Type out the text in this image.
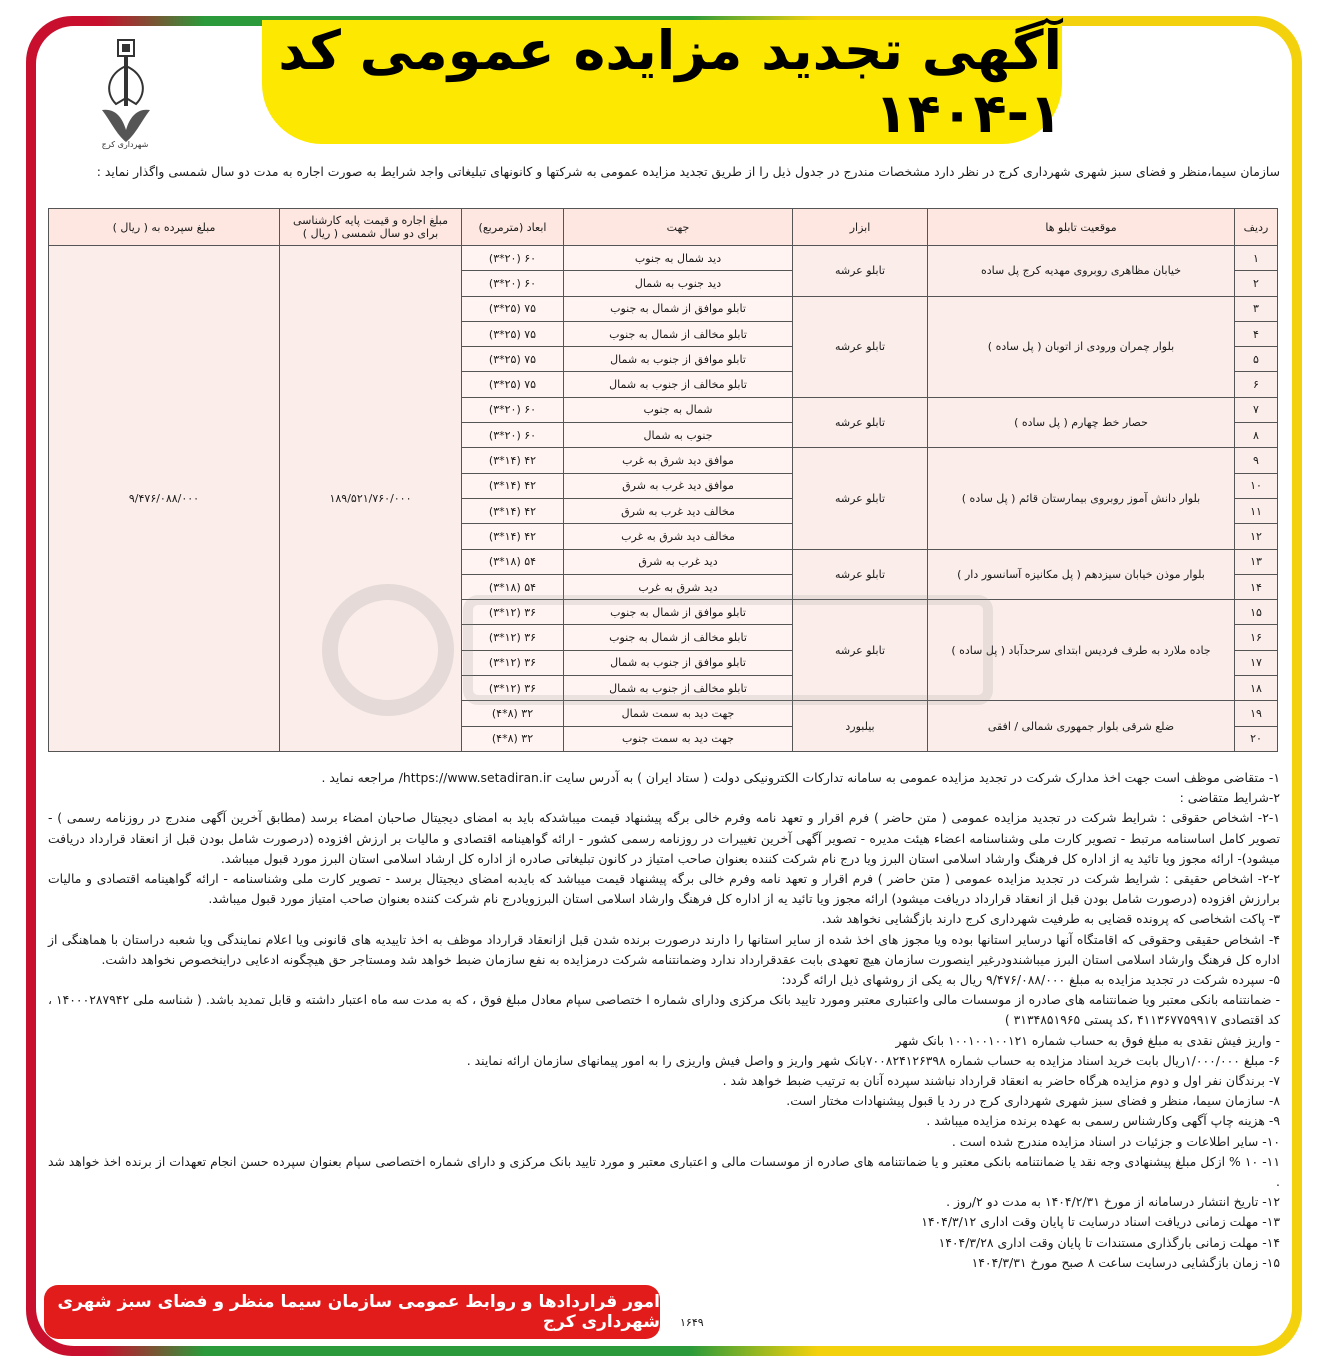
آگهی تجدید مزایده عمومی کد ۱-۱۴۰۴
شهرداری کرج

سازمان سیما،منظر و فضای سبز شهری شهرداری کرج در نظر دارد مشخصات مندرج در جدول ذیل را از طریق تجدید مزایده عمومی به شرکتها و کانونهای تبلیغاتی واجد شرایط به صورت اجاره به مدت دو سال شمسی واگذار نماید :

ردیف	موقعیت تابلو ها	ابزار	جهت	ابعاد (مترمربع)	مبلغ اجاره و قیمت پایه کارشناسی برای دو سال شمسی ( ریال )	مبلغ سپرده به ( ریال )
۱	خیابان مظاهری روبروی مهدیه کرج پل ساده	تابلو عرشه	دید شمال به جنوب	۶۰ (۲۰*۳)	۱۸۹/۵۲۱/۷۶۰/۰۰۰	۹/۴۷۶/۰۸۸/۰۰۰
۲			دید جنوب به شمال	۶۰ (۲۰*۳)		
۳	بلوار چمران ورودی از اتوبان ( پل ساده )	تابلو عرشه	تابلو موافق از شمال به جنوب	۷۵ (۲۵*۳)		
۴			تابلو مخالف از شمال به جنوب	۷۵ (۲۵*۳)		
۵			تابلو موافق از جنوب به شمال	۷۵ (۲۵*۳)		
۶			تابلو مخالف از جنوب به شمال	۷۵ (۲۵*۳)		
۷	حصار خط چهارم ( پل ساده )	تابلو عرشه	شمال به جنوب	۶۰ (۲۰*۳)		
۸			جنوب به شمال	۶۰ (۲۰*۳)		
۹	بلوار دانش آموز روبروی بیمارستان قائم ( پل ساده )	تابلو عرشه	موافق دید شرق به غرب	۴۲ (۱۴*۳)		
۱۰			موافق دید غرب به شرق	۴۲ (۱۴*۳)		
۱۱			مخالف دید غرب به شرق	۴۲ (۱۴*۳)		
۱۲			مخالف دید شرق به غرب	۴۲ (۱۴*۳)		
۱۳	بلوار موذن خیابان سیزدهم ( پل مکانیزه آسانسور دار )	تابلو عرشه	دید غرب به شرق	۵۴ (۱۸*۳)		
۱۴			دید شرق به غرب	۵۴ (۱۸*۳)		
۱۵	جاده ملارد به طرف فردیس ابتدای سرحدآباد ( پل ساده )	تابلو عرشه	تابلو موافق از شمال به جنوب	۳۶ (۱۲*۳)		
۱۶			تابلو مخالف از شمال به جنوب	۳۶ (۱۲*۳)		
۱۷			تابلو موافق از جنوب به شمال	۳۶ (۱۲*۳)		
۱۸			تابلو مخالف از جنوب به شمال	۳۶ (۱۲*۳)		
۱۹	ضلع شرقی بلوار جمهوری شمالی / افقی	بیلبورد	جهت دید به سمت شمال	۳۲ (۸*۴)		
۲۰			جهت دید به سمت جنوب	۳۲ (۸*۴)		

۱- متقاضی موظف است جهت اخذ مدارک شرکت در تجدید مزایده عمومی به سامانه تدارکات الکترونیکی دولت ( ستاد ایران ) به آدرس سایت https://www.setadiran.ir/ مراجعه نماید .

۲-شرایط متقاضی :

۲-۱- اشخاص حقوقی : شرایط شرکت در تجدید مزایده عمومی ( متن حاضر ) فرم اقرار و تعهد نامه وفرم خالی برگه پیشنهاد قیمت میباشدکه باید به امضای دیجیتال صاحبان امضاء برسد (مطابق آخرین آگهی مندرج در روزنامه رسمی ) - تصویر کامل اساسنامه مرتبط - تصویر کارت ملی وشناسنامه اعضاء هیئت مدیره - تصویر آگهی آخرین تغییرات در روزنامه رسمی کشور - ارائه گواهینامه اقتصادی و مالیات بر ارزش افزوده (درصورت شامل بودن قبل از انعقاد قرارداد دریافت میشود)- ارائه مجوز ویا تائید یه از اداره کل فرهنگ وارشاد اسلامی استان البرز ویا درج نام شرکت کننده بعنوان صاحب امتیاز در کانون تبلیغاتی صادره از اداره کل ارشاد اسلامی استان البرز مورد قبول میباشد.

۲-۲- اشخاص حقیقی : شرایط شرکت در تجدید مزایده عمومی ( متن حاضر ) فرم اقرار و تعهد نامه وفرم خالی برگه پیشنهاد قیمت میباشد که بایدبه امضای دیجیتال برسد - تصویر کارت ملی وشناسنامه - ارائه گواهینامه اقتصادی و مالیات برارزش افزوده (درصورت شامل بودن قبل از انعقاد قرارداد دریافت میشود) ارائه مجوز ویا تائید یه از اداره کل فرهنگ وارشاد اسلامی استان البرزویادرج نام شرکت کننده بعنوان صاحب امتیاز مورد قبول میباشد.

۳- پاکت اشخاصی که پرونده قضایی به طرفیت شهرداری کرج دارند بازگشایی نخواهد شد.

۴- اشخاص حقیقی وحقوقی که اقامتگاه آنها درسایر استانها بوده ویا مجوز های اخذ شده از سایر استانها را دارند درصورت برنده شدن قبل ازانعقاد قرارداد موظف به اخذ تاییدیه های قانونی ویا اعلام نمایندگی ویا شعبه دراستان با هماهنگی از اداره کل فرهنگ وارشاد اسلامی استان البرز میباشندودرغیر اینصورت سازمان هیچ تعهدی بابت عقدقرارداد ندارد وضمانتنامه شرکت درمزایده به نفع سازمان ضبط خواهد شد ومستاجر حق هیچگونه ادعایی دراینخصوص نخواهد داشت.

۵- سپرده شرکت در تجدید مزایده به مبلغ ۹/۴۷۶/۰۸۸/۰۰۰ ریال به یکی از روشهای ذیل ارائه گردد:

- ضمانتنامه بانکی معتبر ویا ضمانتنامه های صادره از موسسات مالی واعتباری معتبر ومورد تایید بانک مرکزی ودارای شماره ا ختصاصی سپام معادل مبلغ فوق ، که به مدت سه ماه اعتبار داشته و قابل تمدید باشد. ( شناسه ملی ۱۴۰۰۰۲۸۷۹۴۲ ، کد اقتصادی ۴۱۱۳۶۷۷۵۹۹۱۷ ،کد پستی ۳۱۳۴۸۵۱۹۶۵ )

- واریز فیش نقدی به مبلغ فوق به حساب شماره ۱۰۰۱۰۰۱۰۰۱۲۱ بانک شهر

۶- مبلغ ۱/۰۰۰/۰۰۰ریال بابت خرید اسناد مزایده به حساب شماره ۷۰۰۸۲۴۱۲۶۳۹۸بانک شهر واریز و واصل فیش واریزی را به امور پیمانهای سازمان ارائه نمایند .

۷- برندگان نفر اول و دوم مزایده هرگاه حاضر به انعقاد قرارداد نباشند سپرده آنان به ترتیب ضبط خواهد شد .

۸- سازمان سیما، منظر و فضای سبز شهری شهرداری کرج در رد یا قبول پیشنهادات مختار است.

۹- هزینه چاپ آگهی وکارشناس رسمی به عهده برنده مزایده میباشد .

۱۰- سایر اطلاعات و جزئیات در اسناد مزایده مندرج شده است .

۱۱- ۱۰ % ازکل مبلغ پیشنهادی وجه نقد یا ضمانتنامه بانکی معتبر و یا ضمانتنامه های صادره از موسسات مالی و اعتباری معتبر و مورد تایید بانک مرکزی و دارای شماره اختصاصی سپام بعنوان سپرده حسن انجام تعهدات از برنده اخذ خواهد شد .

۱۲- تاریخ انتشار درسامانه از مورخ ۱۴۰۴/۲/۳۱ به مدت دو ۲/روز .

۱۳- مهلت زمانی دریافت اسناد درسایت تا پایان وقت اداری ۱۴۰۴/۳/۱۲

۱۴- مهلت زمانی بارگذاری مستندات تا پایان وقت اداری ۱۴۰۴/۳/۲۸

۱۵- زمان بازگشایی درسایت ساعت ۸ صبح مورخ ۱۴۰۴/۳/۳۱

امور قراردادها و روابط عمومی سازمان سیما منظر و فضای سبز شهری شهرداری کرج ۱۶۴۹
